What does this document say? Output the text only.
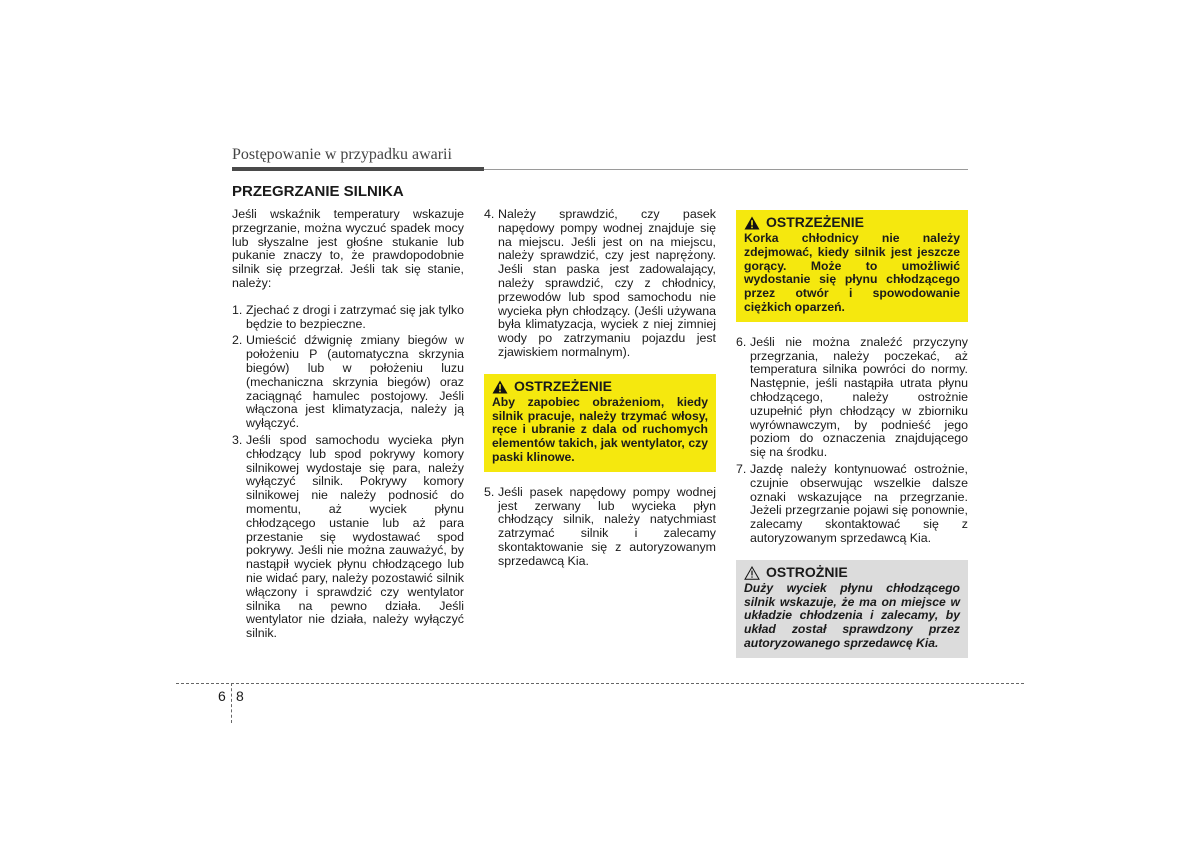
Postępowanie w przypadku awarii
PRZEGRZANIE SILNIKA

Jeśli wskaźnik temperatury wskazuje przegrzanie, można wyczuć spadek mocy lub słyszalne jest głośne stukanie lub pukanie znaczy to, że prawdopodobnie silnik się przegrzał. Jeśli tak się stanie, należy:

1. Zjechać z drogi i zatrzymać się jak tylko będzie to bezpieczne.
2. Umieścić dźwignię zmiany biegów w położeniu P (automatyczna skrzynia biegów) lub w położeniu luzu (mechaniczna skrzynia biegów) oraz zaciągnąć hamulec postojowy. Jeśli włączona jest klimatyzacja, należy ją wyłączyć.
3. Jeśli spod samochodu wycieka płyn chłodzący lub spod pokrywy komory silnikowej wydostaje się para, należy wyłączyć silnik. Pokrywy komory silnikowej nie należy podnosić do momentu, aż wyciek płynu chłodzącego ustanie lub aż para przestanie się wydostawać spod pokrywy. Jeśli nie można zauważyć, by nastąpił wyciek płynu chłodzącego lub nie widać pary, należy pozostawić silnik włączony i sprawdzić czy wentylator silnika na pewno działa. Jeśli wentylator nie działa, należy wyłączyć silnik.
4. Należy sprawdzić, czy pasek napędowy pompy wodnej znajduje się na miejscu. Jeśli jest on na miejscu, należy sprawdzić, czy jest naprężony. Jeśli stan paska jest zadowalający, należy sprawdzić, czy z chłodnicy, przewodów lub spod samochodu nie wycieka płyn chłodzący. (Jeśli używana była klimatyzacja, wyciek z niej zimniej wody po zatrzymaniu pojazdu jest zjawiskiem normalnym).
OSTRZEŻENIE
Aby zapobiec obrażeniom, kiedy silnik pracuje, należy trzymać włosy, ręce i ubranie z dala od ruchomych elementów takich, jak wentylator, czy paski klinowe.
5. Jeśli pasek napędowy pompy wodnej jest zerwany lub wycieka płyn chłodzący silnik, należy natychmiast zatrzymać silnik i zalecamy skontaktowanie się z autoryzowanym sprzedawcą Kia.
OSTRZEŻENIE
Korka chłodnicy nie należy zdejmować, kiedy silnik jest jeszcze gorący. Może to umożliwić wydostanie się płynu chłodzącego przez otwór i spowodowanie ciężkich oparzeń.
6. Jeśli nie można znaleźć przyczyny przegrzania, należy poczekać, aż temperatura silnika powróci do normy. Następnie, jeśli nastąpiła utrata płynu chłodzącego, należy ostrożnie uzupełnić płyn chłodzący w zbiorniku wyrównawczym, by podnieść jego poziom do oznaczenia znajdującego się na środku.
7. Jazdę należy kontynuować ostrożnie, czujnie obserwując wszelkie dalsze oznaki wskazujące na przegrzanie. Jeżeli przegrzanie pojawi się ponownie, zalecamy skontaktować się z autoryzowanym sprzedawcą Kia.
OSTROŻNIE
Duży wyciek płynu chłodzącego silnik wskazuje, że ma on miejsce w układzie chłodzenia i zalecamy, by układ został sprawdzony przez autoryzowanego sprzedawcę Kia.
6 8
